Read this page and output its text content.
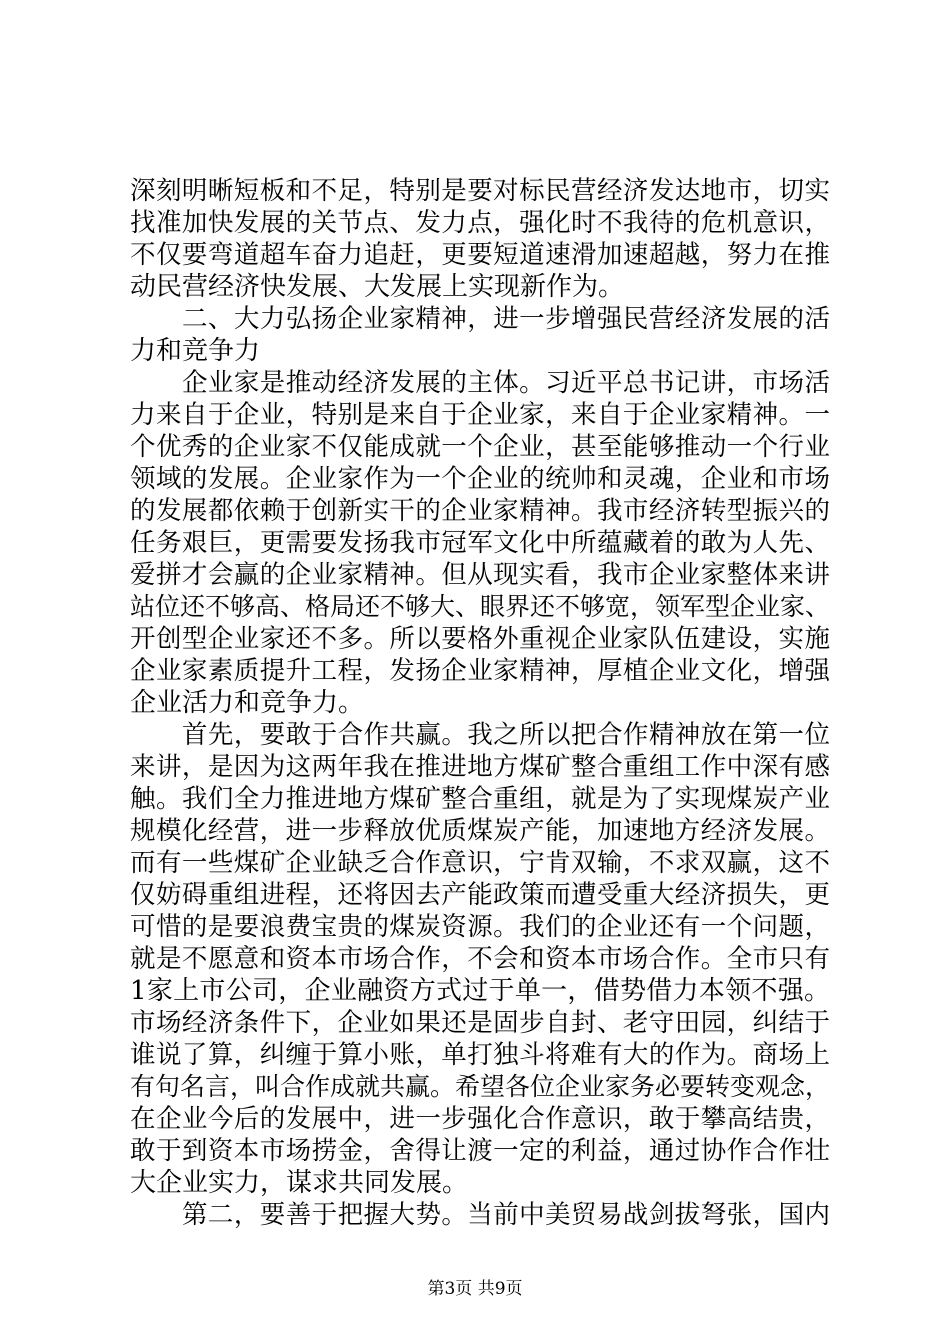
深刻明晰短板和不足，特别是要对标民营经济发达地市，切实
找准加快发展的关节点、发力点，强化时不我待的危机意识，
不仅要弯道超车奋力追赶，更要短道速滑加速超越，努力在推
动民营经济快发展、大发展上实现新作为。
二、大力弘扬企业家精神，进一步增强民营经济发展的活
力和竞争力
企业家是推动经济发展的主体。习近平总书记讲，市场活
力来自于企业，特别是来自于企业家，来自于企业家精神。一
个优秀的企业家不仅能成就一个企业，甚至能够推动一个行业
领域的发展。企业家作为一个企业的统帅和灵魂，企业和市场
的发展都依赖于创新实干的企业家精神。我市经济转型振兴的
任务艰巨，更需要发扬我市冠军文化中所蕴藏着的敢为人先、
爱拼才会赢的企业家精神。但从现实看，我市企业家整体来讲
站位还不够高、格局还不够大、眼界还不够宽，领军型企业家、
开创型企业家还不多。所以要格外重视企业家队伍建设，实施
企业家素质提升工程，发扬企业家精神，厚植企业文化，增强
企业活力和竞争力。
首先，要敢于合作共赢。我之所以把合作精神放在第一位
来讲，是因为这两年我在推进地方煤矿整合重组工作中深有感
触。我们全力推进地方煤矿整合重组，就是为了实现煤炭产业
规模化经营，进一步释放优质煤炭产能，加速地方经济发展。
而有一些煤矿企业缺乏合作意识，宁肯双输，不求双赢，这不
仅妨碍重组进程，还将因去产能政策而遭受重大经济损失，更
可惜的是要浪费宝贵的煤炭资源。我们的企业还有一个问题，
就是不愿意和资本市场合作，不会和资本市场合作。全市只有
1家上市公司，企业融资方式过于单一，借势借力本领不强。
市场经济条件下，企业如果还是固步自封、老守田园，纠结于
谁说了算，纠缠于算小账，单打独斗将难有大的作为。商场上
有句名言，叫合作成就共赢。希望各位企业家务必要转变观念，
在企业今后的发展中，进一步强化合作意识，敢于攀高结贵，
敢于到资本市场捞金，舍得让渡一定的利益，通过协作合作壮
大企业实力，谋求共同发展。
第二，要善于把握大势。当前中美贸易战剑拔弩张，国内
第3页 共9页
